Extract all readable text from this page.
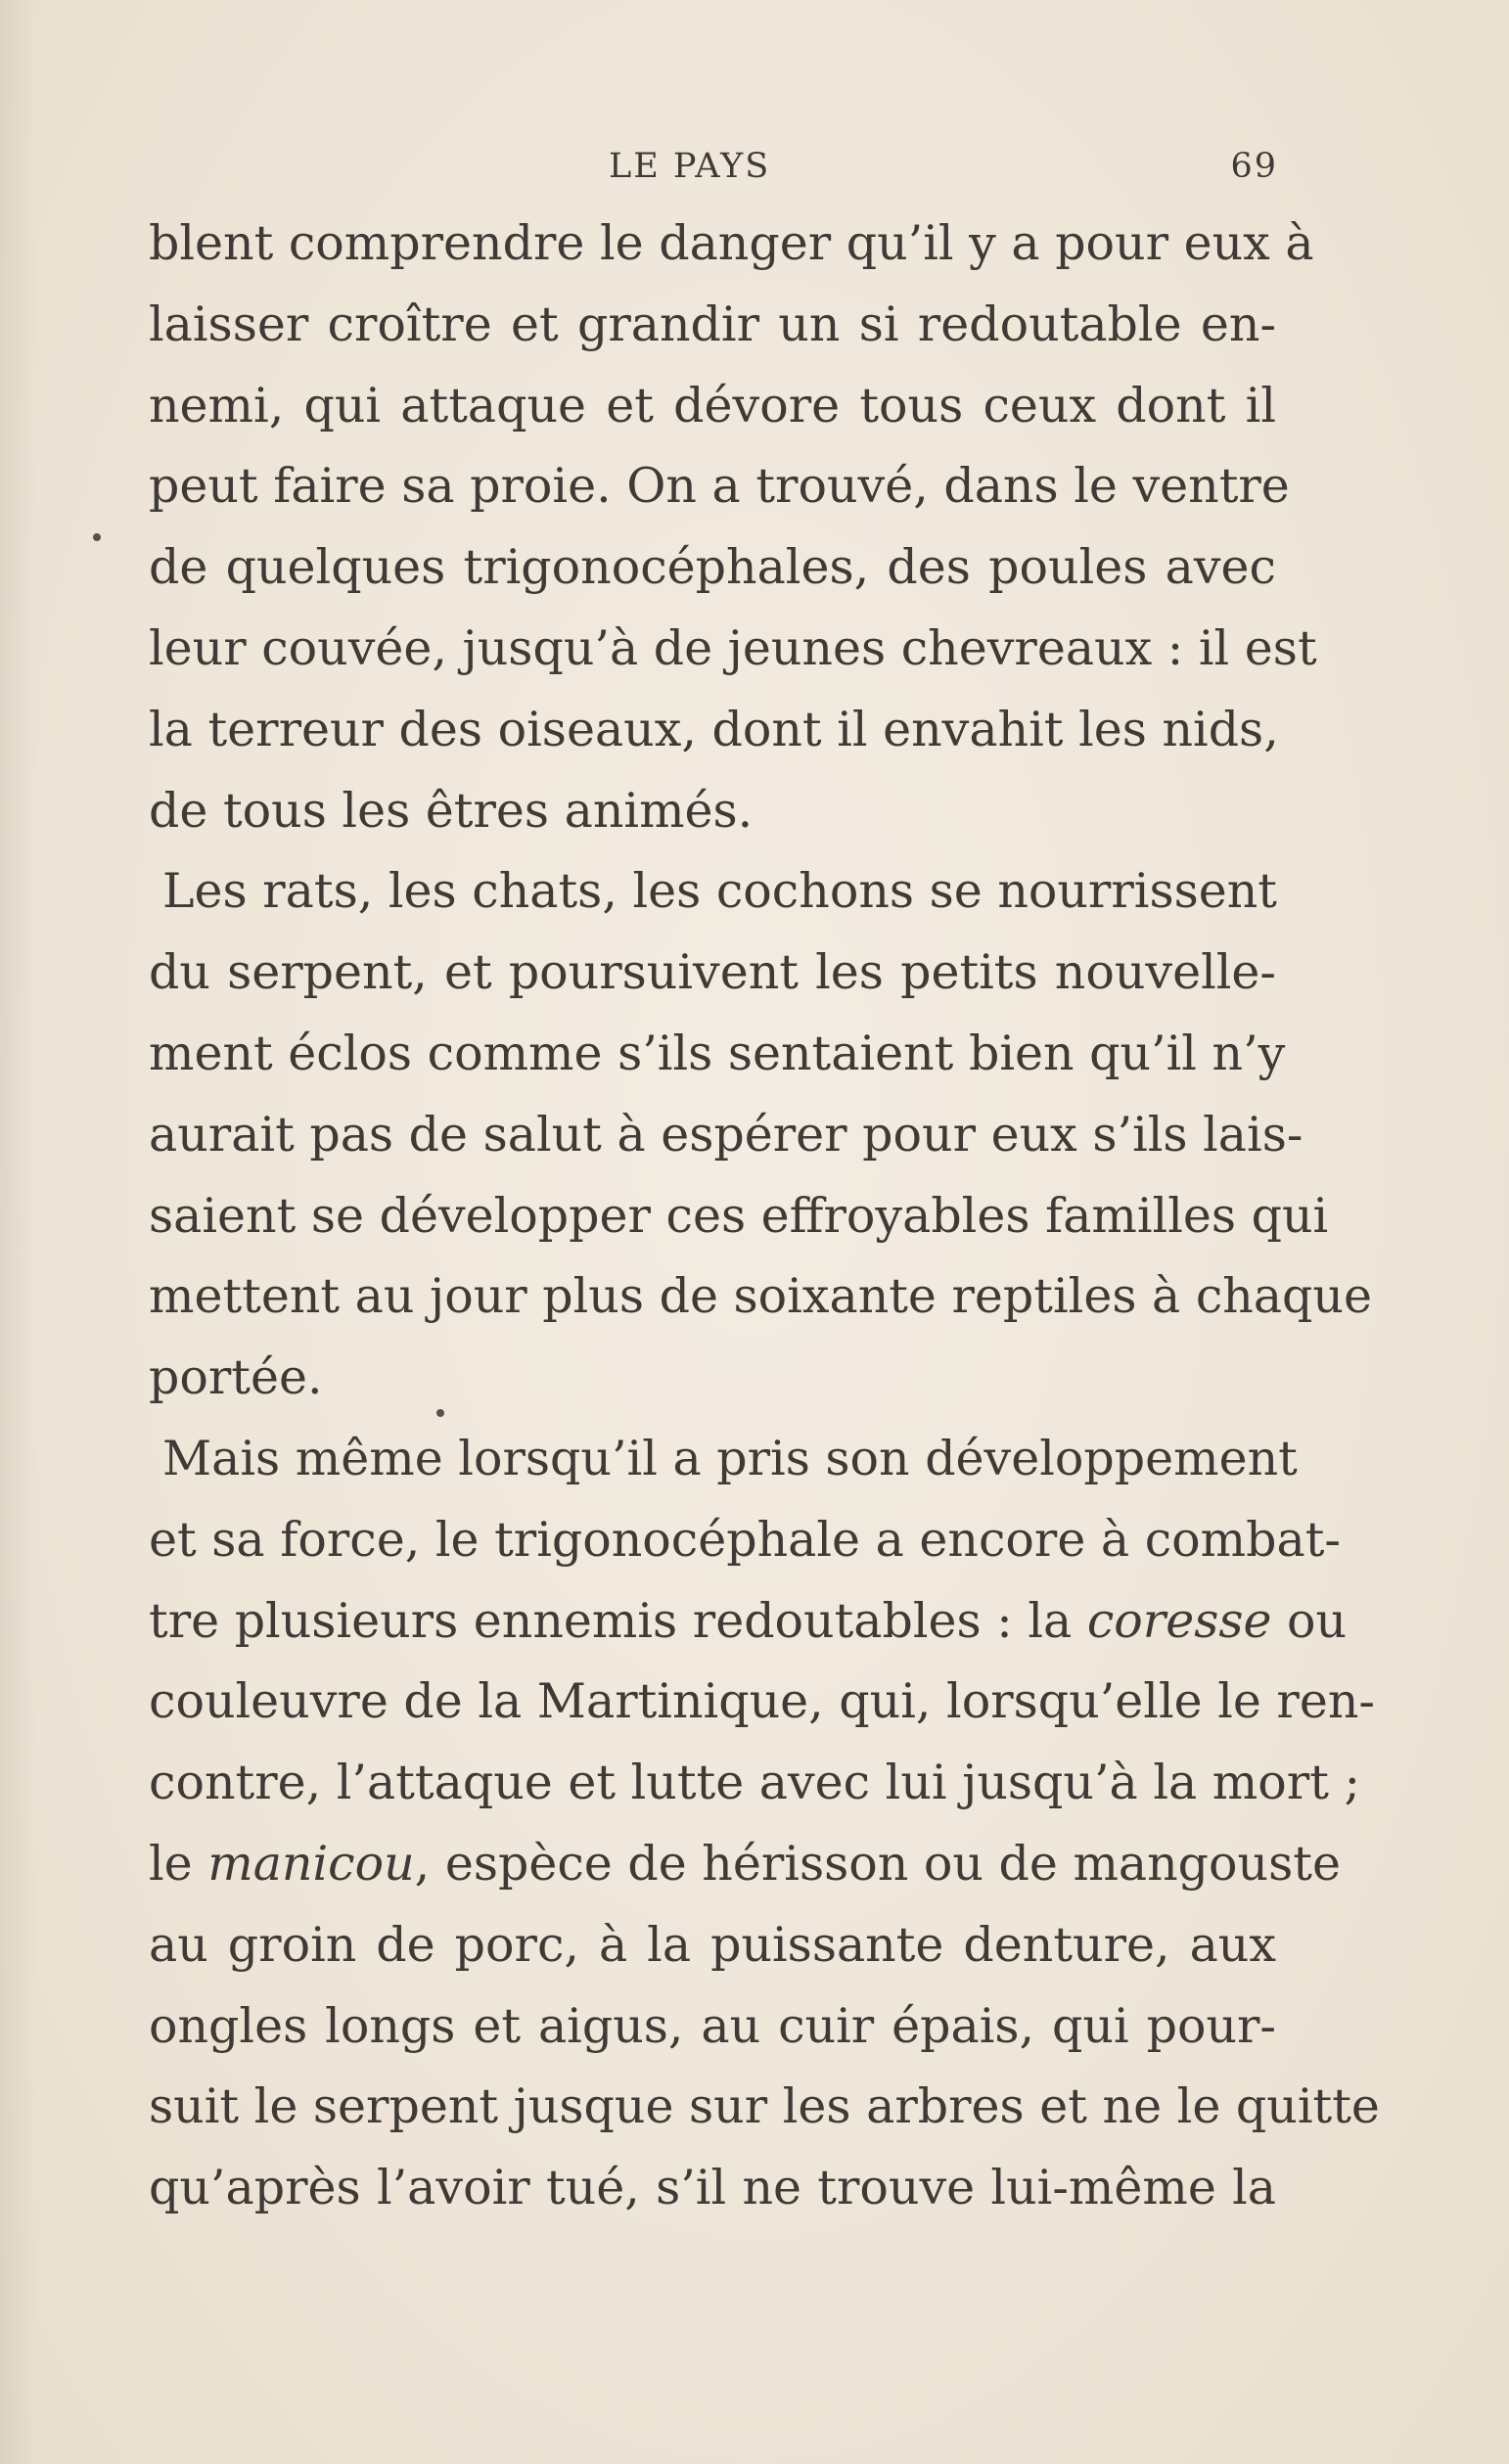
LE PAYS	69
blent comprendre le danger qu’il y a pour eux à
laisser croître et grandir un si redoutable en-
nemi, qui attaque et dévore tous ceux dont il
peut faire sa proie. On a trouvé, dans le ventre
de quelques trigonocéphales, des poules avec
leur couvée, jusqu’à de jeunes chevreaux : il est
la terreur des oiseaux, dont il envahit les nids,
de tous les êtres animés.
Les rats, les chats, les cochons se nourrissent
du serpent, et poursuivent les petits nouvelle-
ment éclos comme s’ils sentaient bien qu’il n’y
aurait pas de salut à espérer pour eux s’ils lais-
saient se développer ces effroyables familles qui
mettent au jour plus de soixante reptiles à chaque
portée.
Mais même lorsqu’il a pris son développement
et sa force, le trigonocéphale a encore à combat-
tre plusieurs ennemis redoutables : la coresse ou
couleuvre de la Martinique, qui, lorsqu’elle le ren-
contre, l’attaque et lutte avec lui jusqu’à la mort ;
le manicou, espèce de hérisson ou de mangouste
au groin de porc, à la puissante denture, aux
ongles longs et aigus, au cuir épais, qui pour-
suit le serpent jusque sur les arbres et ne le quitte
qu’après l’avoir tué, s’il ne trouve lui-même la
